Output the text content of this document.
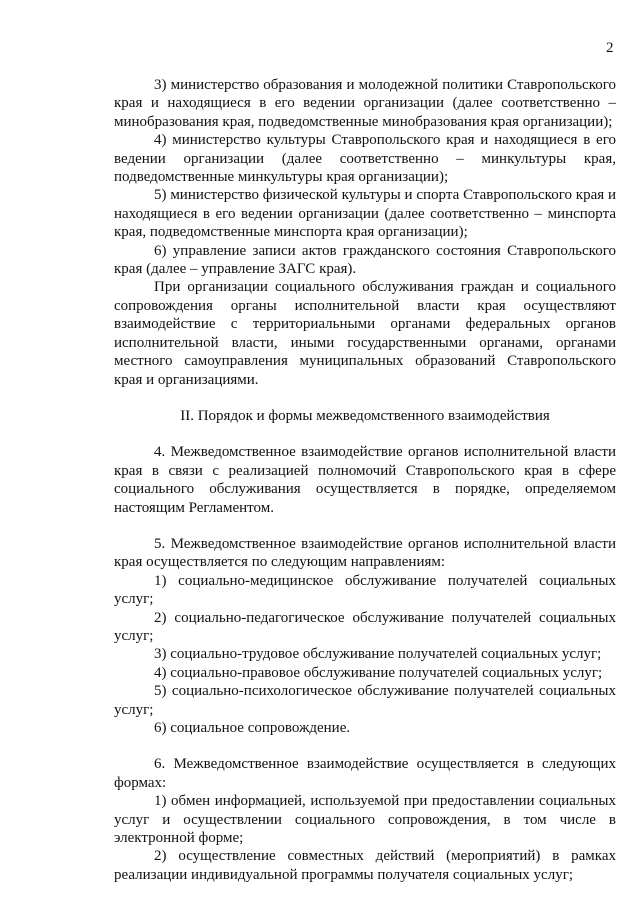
2

3) министерство образования и молодежной политики Ставропольского края и находящиеся в его ведении организации (далее соответственно – минобразования края, подведомственные минобразования края организации);

4) министерство культуры Ставропольского края и находящиеся в его ведении организации (далее соответственно – минкультуры края, подведомственные минкультуры края организации);

5) министерство физической культуры и спорта Ставропольского края и находящиеся в его ведении организации (далее соответственно – минспорта края, подведомственные минспорта края организации);

6) управление записи актов гражданского состояния Ставропольского края (далее – управление ЗАГС края).

При организации социального обслуживания граждан и социального сопровождения органы исполнительной власти края осуществляют взаимодействие с территориальными органами федеральных органов исполнительной власти, иными государственными органами, органами местного самоуправления муниципальных образований Ставропольского края и организациями.

II. Порядок и формы межведомственного взаимодействия

4. Межведомственное взаимодействие органов исполнительной власти края в связи с реализацией полномочий Ставропольского края в сфере социального обслуживания осуществляется в порядке, определяемом настоящим Регламентом.

5. Межведомственное взаимодействие органов исполнительной власти края осуществляется по следующим направлениям:

1) социально-медицинское обслуживание получателей социальных услуг;

2) социально-педагогическое обслуживание получателей социальных услуг;

3) социально-трудовое обслуживание получателей социальных услуг;

4) социально-правовое обслуживание получателей социальных услуг;

5) социально-психологическое обслуживание получателей социальных услуг;

6) социальное сопровождение.

6. Межведомственное взаимодействие осуществляется в следующих формах:

1) обмен информацией, используемой при предоставлении социальных услуг и осуществлении социального сопровождения, в том числе в электронной форме;

2) осуществление совместных действий (мероприятий) в рамках реализации индивидуальной программы получателя социальных услуг;
